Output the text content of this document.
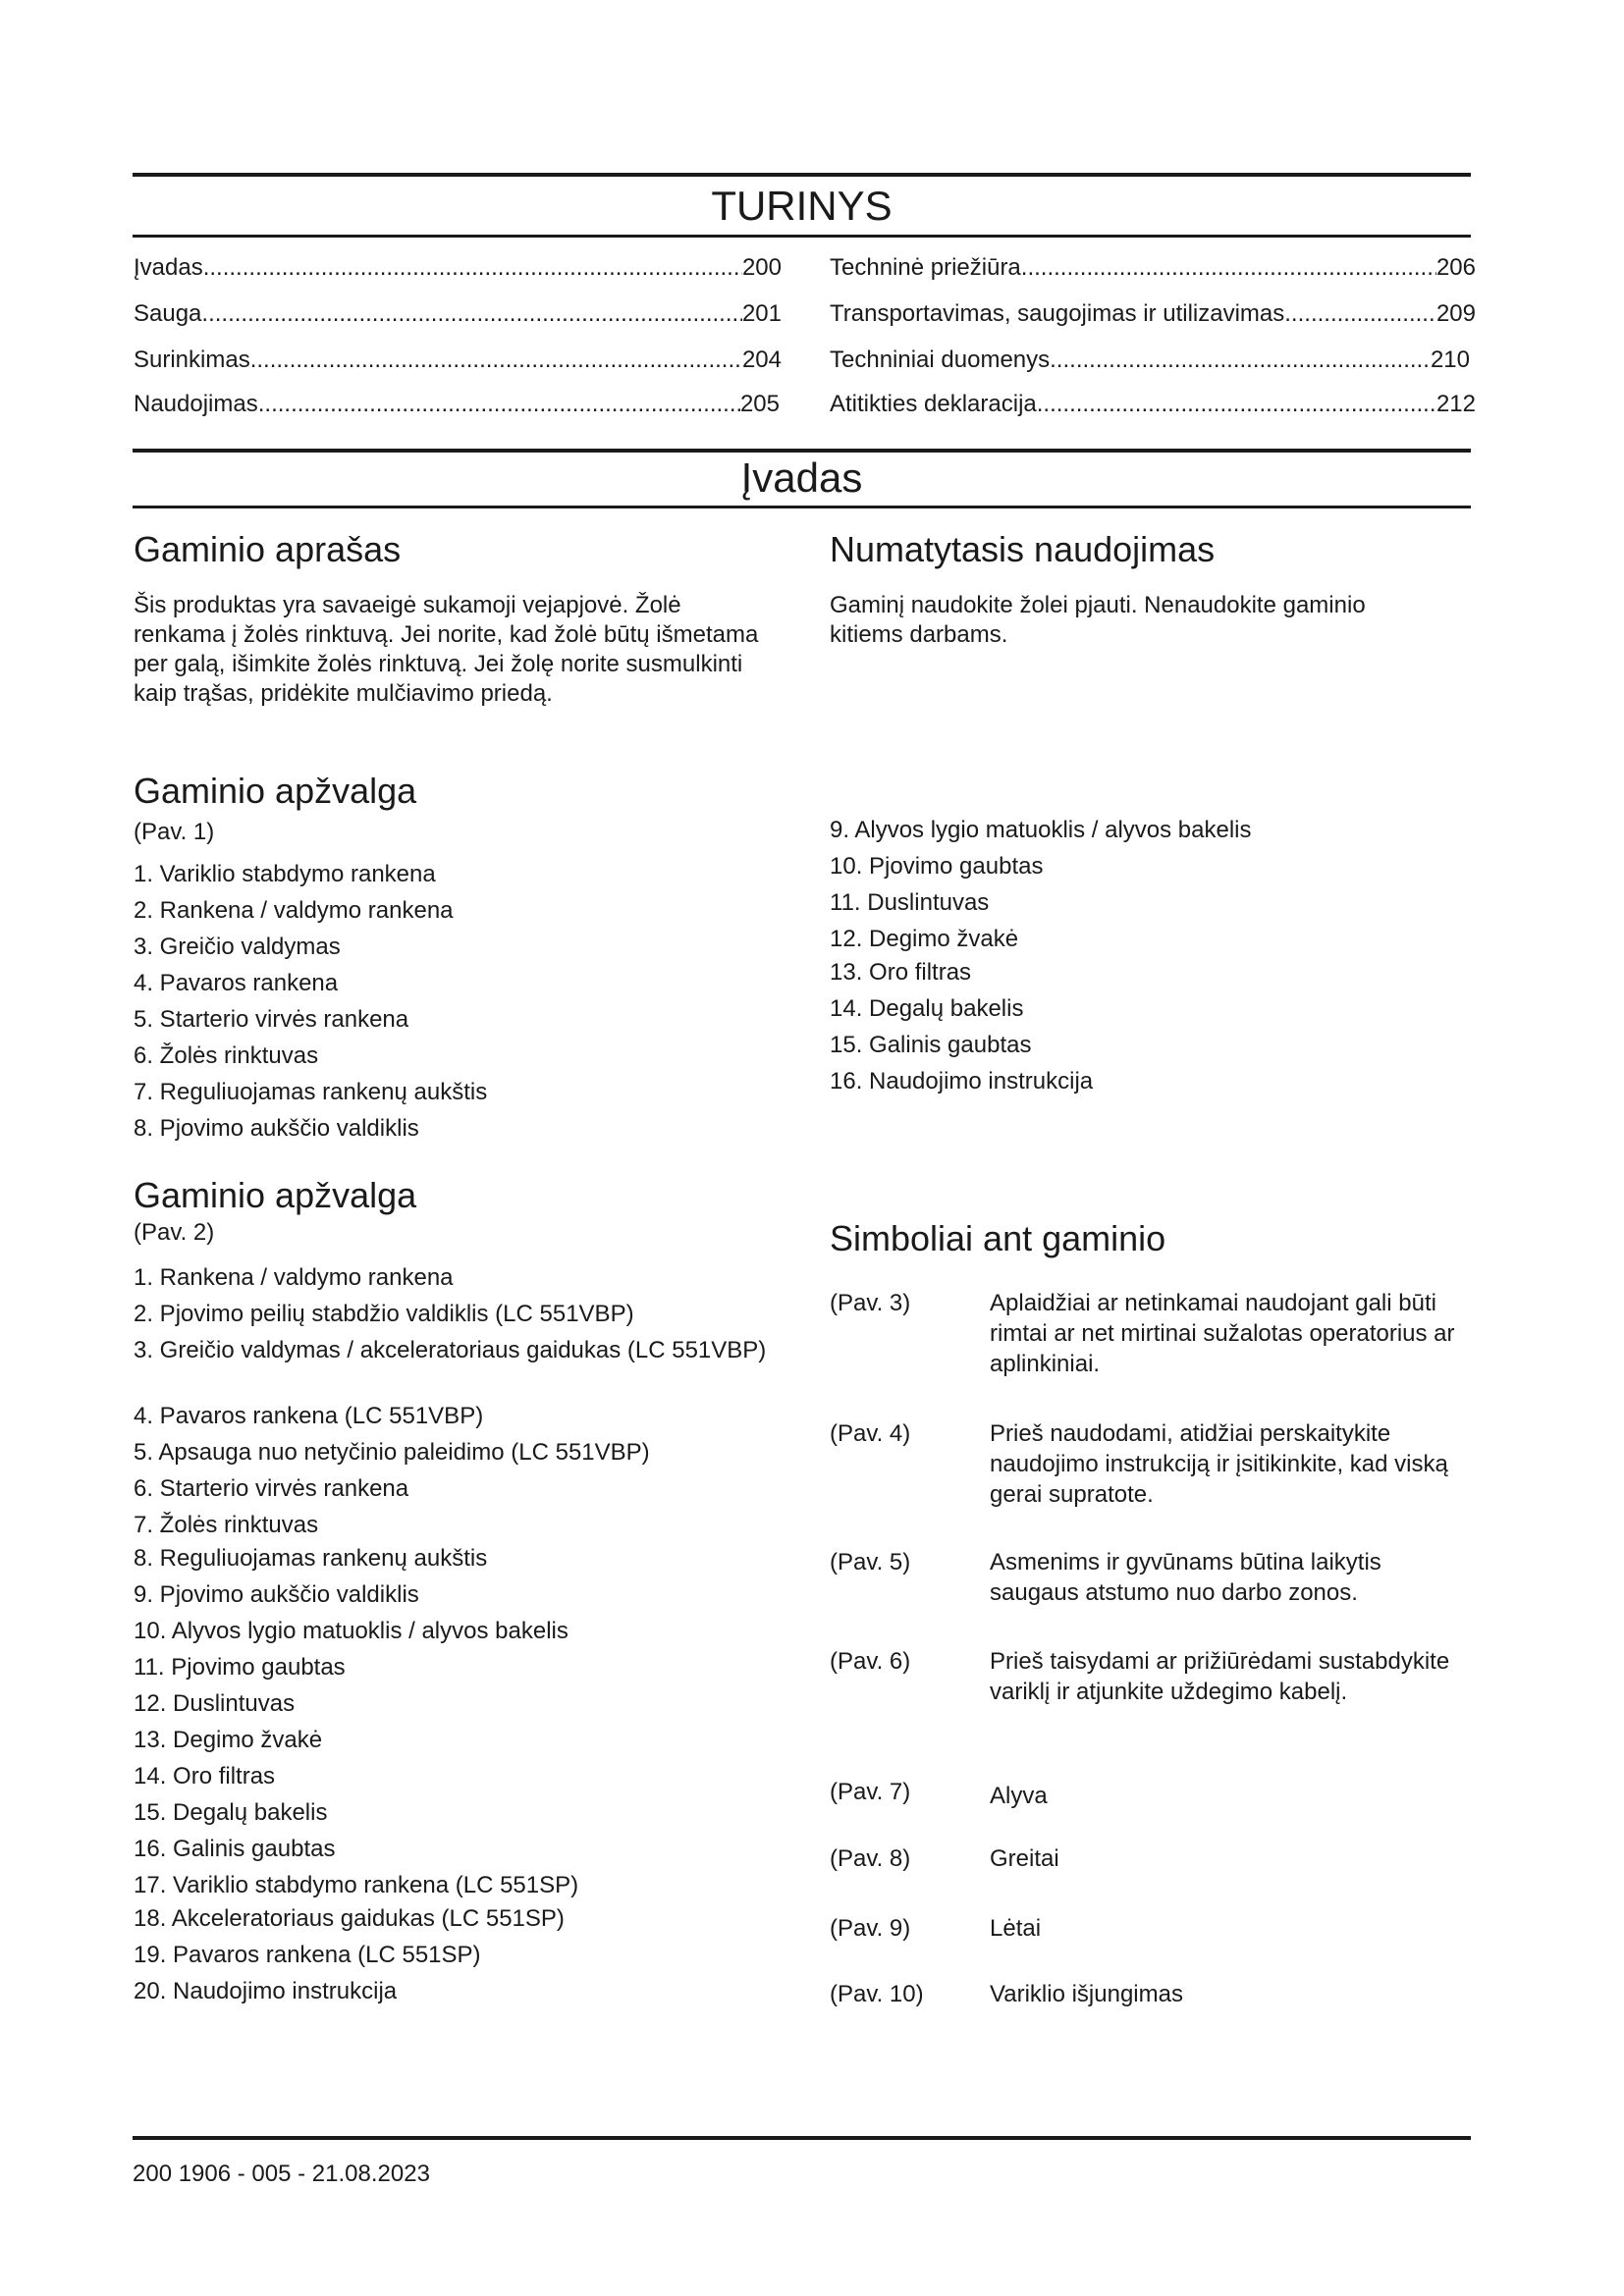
TURINYS
Įvadas .....	200
Sauga .....	201
Surinkimas .....	204
Naudojimas .....	205
Techninė priežiūra .....	206
Transportavimas, saugojimas ir utilizavimas .....	209
Techniniai duomenys .....	210
Atitikties deklaracija .....	212
Įvadas
Gaminio aprašas
Šis produktas yra savaeigė sukamoji vejapjovė. Žolė renkama į žolės rinktuvą. Jei norite, kad žolė būtų išmetama per galą, išimkite žolės rinktuvą. Jei žolę norite susmulkinti kaip trąšas, pridėkite mulčiavimo priedą.
Numatytasis naudojimas
Gaminį naudokite žolei pjauti. Nenaudokite gaminio kitiems darbams.
Gaminio apžvalga
(Pav. 1)
1. Variklio stabdymo rankena
2. Rankena / valdymo rankena
3. Greičio valdymas
4. Pavaros rankena
5. Starterio virvės rankena
6. Žolės rinktuvas
7. Reguliuojamas rankenų aukštis
8. Pjovimo aukščio valdiklis
9. Alyvos lygio matuoklis / alyvos bakelis
10. Pjovimo gaubtas
11. Duslintuvas
12. Degimo žvakė
13. Oro filtras
14. Degalų bakelis
15. Galinis gaubtas
16. Naudojimo instrukcija
Gaminio apžvalga
(Pav. 2)
1. Rankena / valdymo rankena
2. Pjovimo peilių stabdžio valdiklis (LC 551VBP)
3. Greičio valdymas / akceleratoriaus gaidukas (LC 551VBP)
4. Pavaros rankena (LC 551VBP)
5. Apsauga nuo netyčinio paleidimo (LC 551VBP)
6. Starterio virvės rankena
7. Žolės rinktuvas
8. Reguliuojamas rankenų aukštis
9. Pjovimo aukščio valdiklis
10. Alyvos lygio matuoklis / alyvos bakelis
11. Pjovimo gaubtas
12. Duslintuvas
13. Degimo žvakė
14. Oro filtras
15. Degalų bakelis
16. Galinis gaubtas
17. Variklio stabdymo rankena (LC 551SP)
18. Akceleratoriaus gaidukas (LC 551SP)
19. Pavaros rankena (LC 551SP)
20. Naudojimo instrukcija
Simboliai ant gaminio
(Pav. 3)	Aplaidžiai ar netinkamai naudojant gali būti rimtai ar net mirtinai sužalotas operatorius ar aplinkiniai.
(Pav. 4)	Prieš naudodami, atidžiai perskaitykite naudojimo instrukciją ir įsitikinkite, kad viską gerai supratote.
(Pav. 5)	Asmenims ir gyvūnams būtina laikytis saugaus atstumo nuo darbo zonos.
(Pav. 6)	Prieš taisydami ar prižiūrėdami sustabdykite variklį ir atjunkite uždegimo kabelį.
(Pav. 7)	Alyva
(Pav. 8)	Greitai
(Pav. 9)	Lėtai
(Pav. 10)	Variklio išjungimas
200 1906 - 005 - 21.08.2023
